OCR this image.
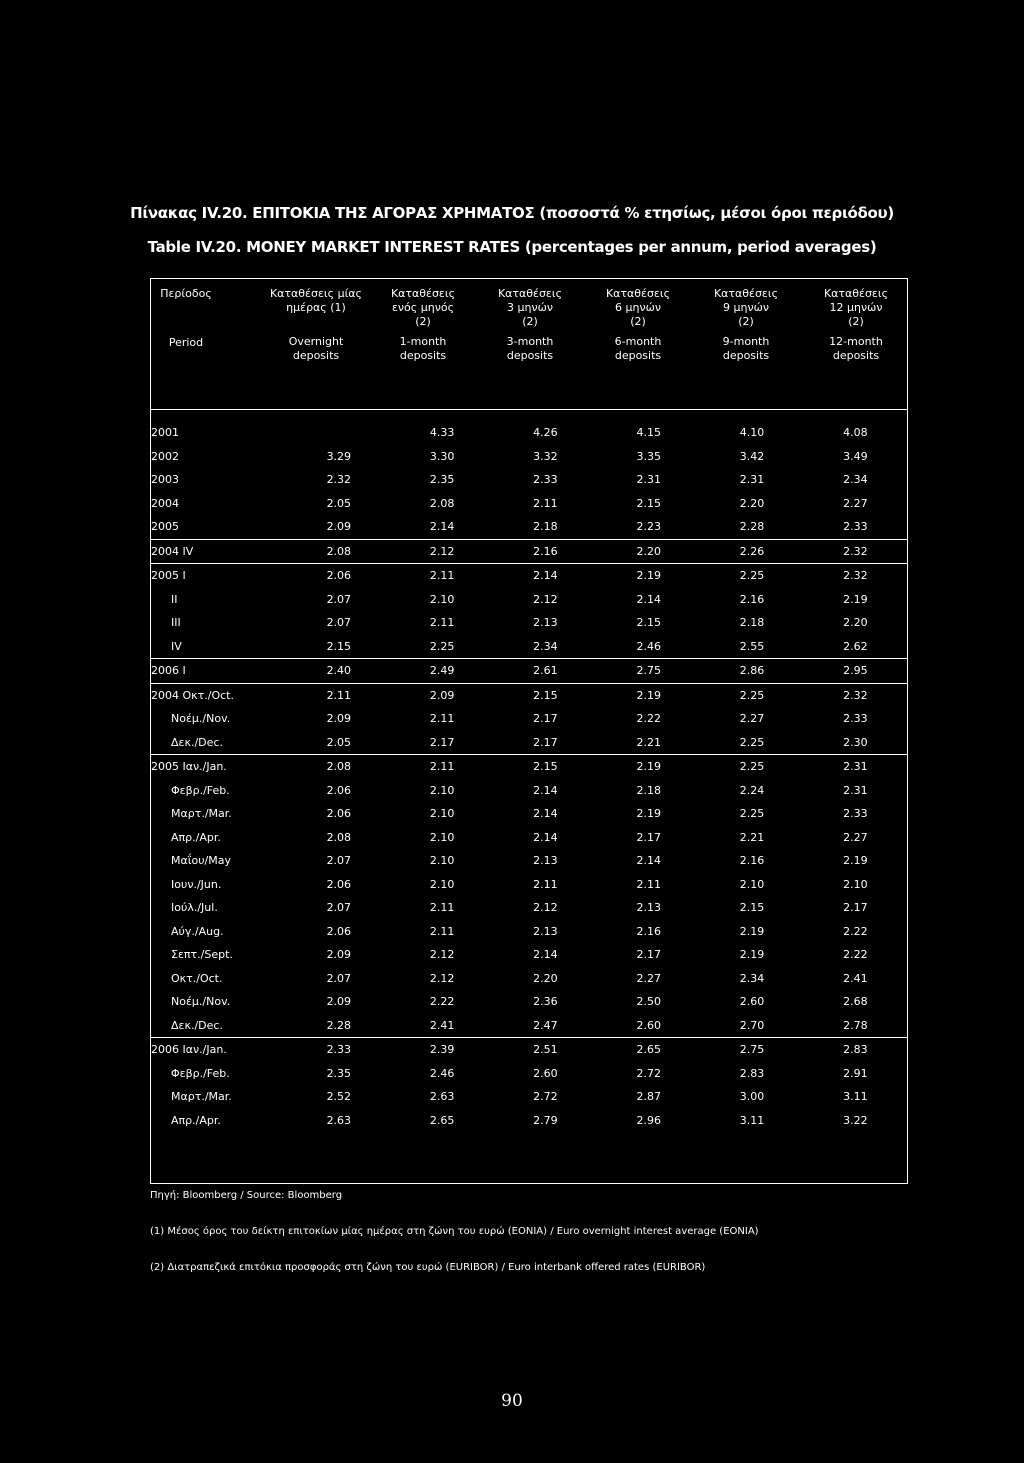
Πίνακας IV.20. ΕΠΙΤΟΚΙΑ ΤΗΣ ΑΓΟΡΑΣ ΧΡΗΜΑΤΟΣ (ποσοστά % ετησίως, μέσοι όροι περιόδου)
Table IV.20. MONEY MARKET INTEREST RATES (percentages per annum, period averages)
Περίοδος
Period
Καταθέσεις μίας
ημέρας (1)
Overnight
deposits
Καταθέσεις
ενός μηνός
(2)
1-month
deposits
Καταθέσεις
3 μηνών
(2)
3-month
deposits
Καταθέσεις
6 μηνών
(2)
6-month
deposits
Καταθέσεις
9 μηνών
(2)
9-month
deposits
Καταθέσεις
12 μηνών
(2)
12-month
deposits
2001		4.33	4.26	4.15	4.10	4.08
2002	3.29	3.30	3.32	3.35	3.42	3.49
2003	2.32	2.35	2.33	2.31	2.31	2.34
2004	2.05	2.08	2.11	2.15	2.20	2.27
2005	2.09	2.14	2.18	2.23	2.28	2.33
2004 IV	2.08	2.12	2.16	2.20	2.26	2.32
2005 I	2.06	2.11	2.14	2.19	2.25	2.32
II	2.07	2.10	2.12	2.14	2.16	2.19
III	2.07	2.11	2.13	2.15	2.18	2.20
IV	2.15	2.25	2.34	2.46	2.55	2.62
2006 I	2.40	2.49	2.61	2.75	2.86	2.95
2004 Οκτ./Oct.	2.11	2.09	2.15	2.19	2.25	2.32
Νοέμ./Nov.	2.09	2.11	2.17	2.22	2.27	2.33
Δεκ./Dec.	2.05	2.17	2.17	2.21	2.25	2.30
2005 Ιαν./Jan.	2.08	2.11	2.15	2.19	2.25	2.31
Φεβρ./Feb.	2.06	2.10	2.14	2.18	2.24	2.31
Μαρτ./Mar.	2.06	2.10	2.14	2.19	2.25	2.33
Απρ./Apr.	2.08	2.10	2.14	2.17	2.21	2.27
Μαΐου/May	2.07	2.10	2.13	2.14	2.16	2.19
Ιουν./Jun.	2.06	2.10	2.11	2.11	2.10	2.10
Ιούλ./Jul.	2.07	2.11	2.12	2.13	2.15	2.17
Αύγ./Aug.	2.06	2.11	2.13	2.16	2.19	2.22
Σεπτ./Sept.	2.09	2.12	2.14	2.17	2.19	2.22
Οκτ./Oct.	2.07	2.12	2.20	2.27	2.34	2.41
Νοέμ./Nov.	2.09	2.22	2.36	2.50	2.60	2.68
Δεκ./Dec.	2.28	2.41	2.47	2.60	2.70	2.78
2006 Ιαν./Jan.	2.33	2.39	2.51	2.65	2.75	2.83
Φεβρ./Feb.	2.35	2.46	2.60	2.72	2.83	2.91
Μαρτ./Mar.	2.52	2.63	2.72	2.87	3.00	3.11
Απρ./Apr.	2.63	2.65	2.79	2.96	3.11	3.22
Πηγή: Bloomberg / Source: Bloomberg
(1) Μέσος όρος του δείκτη επιτοκίων μίας ημέρας στη ζώνη του ευρώ (EONIA) / Euro overnight interest average (EONIA)
(2) Διατραπεζικά επιτόκια προσφοράς στη ζώνη του ευρώ (EURIBOR) / Euro interbank offered rates (EURIBOR)
90
